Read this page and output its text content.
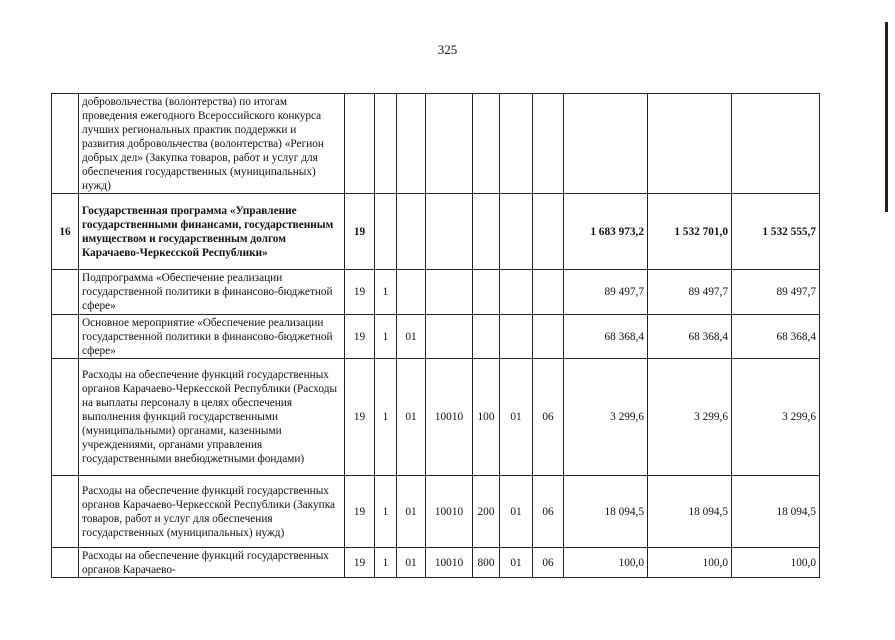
325
	добровольчества (волонтерства) по итогам проведения ежегодного Всероссийского конкурса лучших региональных практик поддержки и развития добровольчества (волонтерства) «Регион добрых дел» (Закупка товаров, работ и услуг для обеспечения государственных (муниципальных) нужд)										
16	Государственная программа «Управление государственными финансами, государственным имуществом и государственным долгом Карачаево-Черкесской Республики»	19							1 683 973,2	1 532 701,0	1 532 555,7
	Подпрограмма «Обеспечение реализации государственной политики в финансово-бюджетной сфере»	19	1						89 497,7	89 497,7	89 497,7
	Основное мероприятие «Обеспечение реализации государственной политики в финансово-бюджетной сфере»	19	1	01					68 368,4	68 368,4	68 368,4
	Расходы на обеспечение функций государственных органов Карачаево-Черкесской Республики (Расходы на выплаты персоналу в целях обеспечения выполнения функций государственными (муниципальными) органами, казенными учреждениями, органами управления государственными внебюджетными фондами)	19	1	01	10010	100	01	06	3 299,6	3 299,6	3 299,6
	Расходы на обеспечение функций государственных органов Карачаево-Черкесской Республики (Закупка товаров, работ и услуг для обеспечения государственных (муниципальных) нужд)	19	1	01	10010	200	01	06	18 094,5	18 094,5	18 094,5
	Расходы на обеспечение функций государственных органов Карачаево-	19	1	01	10010	800	01	06	100,0	100,0	100,0
